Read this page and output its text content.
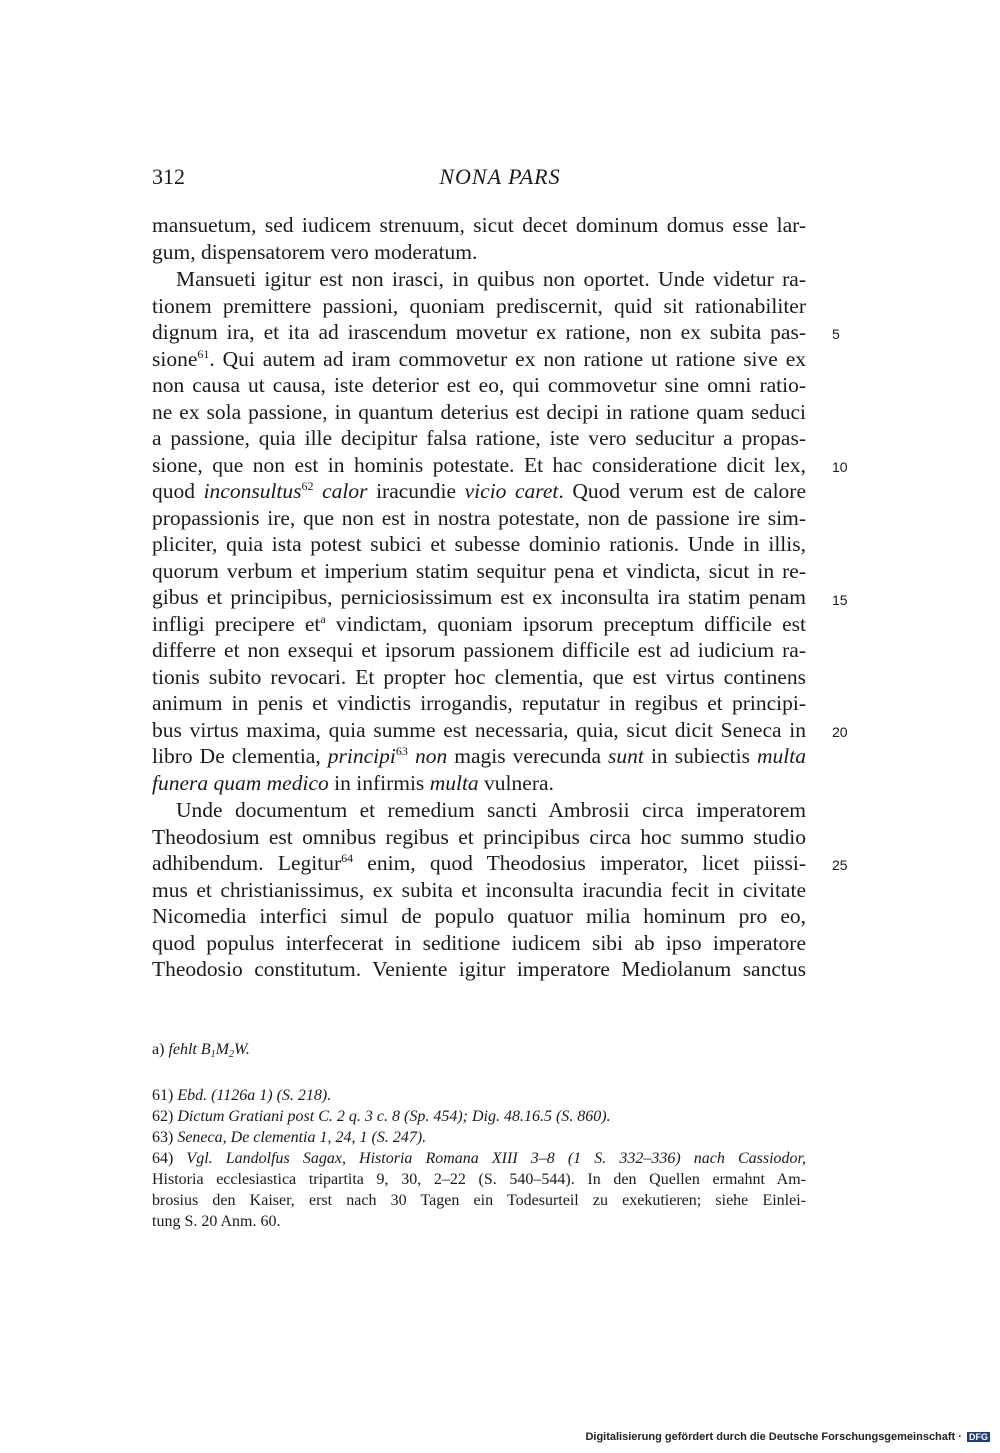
312	NONA PARS
mansuetum, sed iudicem strenuum, sicut decet dominum domus esse lar-
gum, dispensatorem vero moderatum.
Mansueti igitur est non irasci, in quibus non oportet. Unde videtur ra-
tionem premittere passioni, quoniam prediscernit, quid sit rationabiliter
dignum ira, et ita ad irascendum movetur ex ratione, non ex subita pas-
sione$^{61}$. Qui autem ad iram commovetur ex non ratione ut ratione sive ex
non causa ut causa, iste deterior est eo, qui commovetur sine omni ratio-
ne ex sola passione, in quantum deterius est decipi in ratione quam seduci
a passione, quia ille decipitur falsa ratione, iste vero seducitur a propas-
sione, que non est in hominis potestate. Et hac consideratione dicit lex,
quod inconsultus$^{62}$ calor iracundie vicio caret. Quod verum est de calore
propassionis ire, que non est in nostra potestate, non de passione ire sim-
pliciter, quia ista potest subici et subesse dominio rationis. Unde in illis,
quorum verbum et imperium statim sequitur pena et vindicta, sicut in re-
gibus et principibus, perniciosissimum est ex inconsulta ira statim penam
infligi precipere $et^a$ vindictam, quoniam ipsorum preceptum difficile est
differre et non exsequi et ipsorum passionem difficile est ad iudicium ra-
tionis subito revocari. Et propter hoc clementia, que est virtus continens
animum in penis et vindictis irrogandis, reputatur in regibus et principi-
bus virtus maxima, quia summe est necessaria, quia, sicut dicit Seneca in
libro De clementia, principi$^{63}$ non magis verecunda sunt in subiectis multa
funera quam medico in infirmis multa vulnera.
Unde documentum et remedium sancti Ambrosii circa imperatorem
Theodosium est omnibus regibus et principibus circa hoc summo studio
adhibendum. Legitur$^{64}$ enim, quod Theodosius imperator, licet piissi-
mus et christianissimus, ex subita et inconsulta iracundia fecit in civitate
Nicomedia interfici simul de populo quatuor milia hominum pro eo,
quod populus interfecerat in seditione iudicem sibi ab ipso imperatore
Theodosio constitutum. Veniente igitur imperatore Mediolanum sanctus
5
10
15
20
25
a) fehlt $B_1M_2W$.
61) Ebd. (1126a 1) (S. 218).
62) Dictum Gratiani post C. 2 q. 3 c. 8 (Sp. 454); Dig. 48.16.5 (S. 860).
63) Seneca, De clementia 1, 24, 1 (S. 247).
64) Vgl. Landolfus Sagax, Historia Romana XIII 3–8 (1 S. 332–336) nach Cassiodor,
Historia ecclesiastica tripartita 9, 30, 2–22 (S. 540–544). In den Quellen ermahnt Am-
brosius den Kaiser, erst nach 30 Tagen ein Todesurteil zu exekutieren; siehe Einlei-
tung S. 20 Anm. 60.
Digitalisierung gefördert durch die Deutsche Forschungsgemeinschaft · DFG
